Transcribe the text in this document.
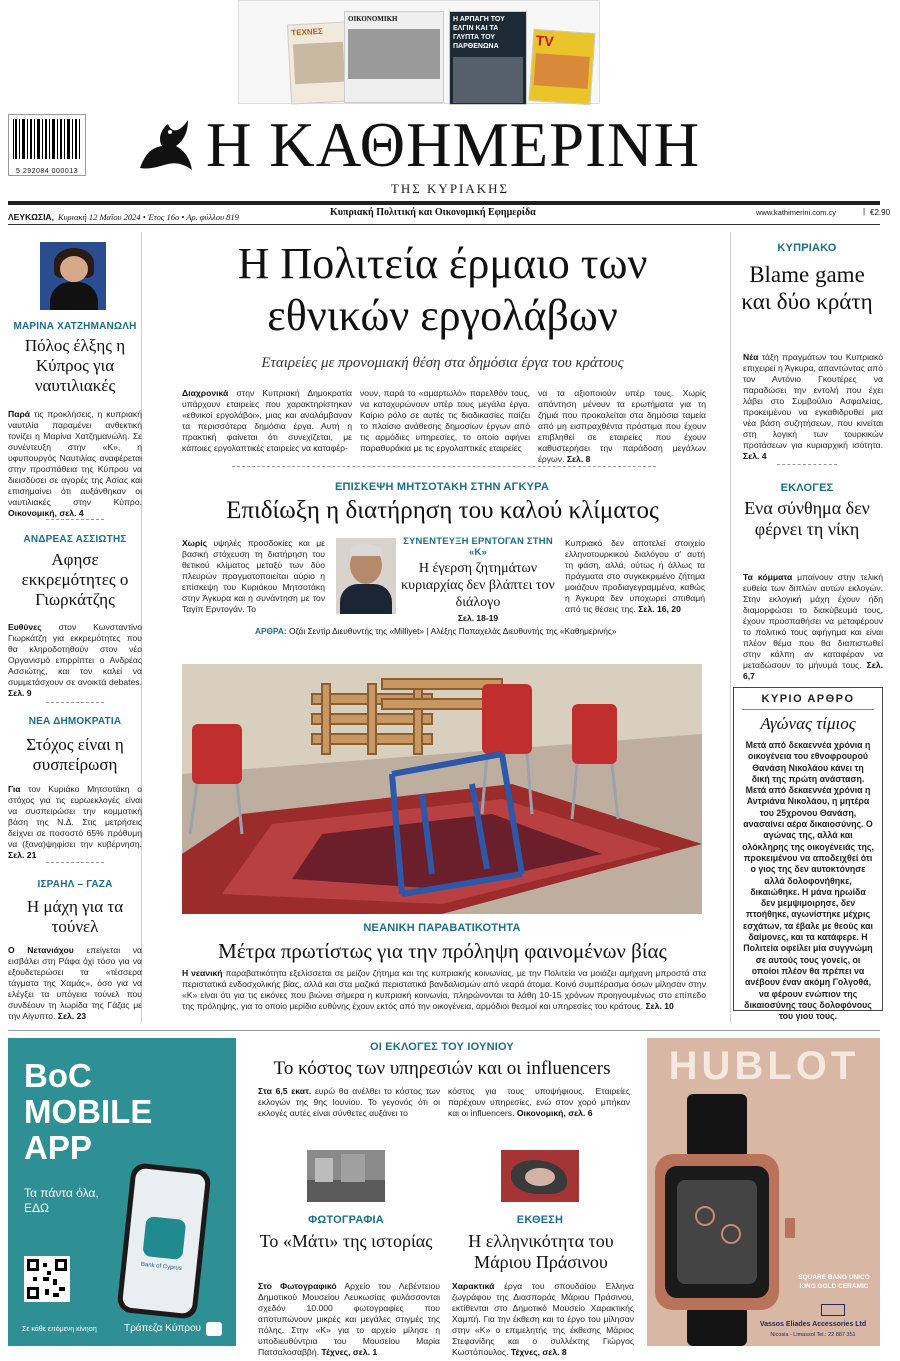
ΤΕΧΝΕΣ
ΟΙΚΟΝΟΜΙΚΗ	Η ΑΡΠΑΓΗ ΤΟΥ ΕΛΓΙΝ ΚΑΙ ΤΑ ΓΛΥΠΤΑ ΤΟΥ ΠΑΡΘΕΝΩΝΑ	TV
5 292084 000013 Η ΚΑΘΗΜΕΡΙΝΗ
ΤΗΣ ΚΥΡΙΑΚΗΣ
ΛΕΥΚΩΣΙΑ, Κυριακή 12 Μαΐου 2024 • Έτος 16ο • Αρ. φύλλου 819	Κυπριακή Πολιτική και Οικονομική Εφημερίδα	www.kathimerini.com.cy	| €2.90
ΜΑΡΙΝΑ ΧΑΤΖΗΜΑΝΩΛΗ
Πόλος έλξης η Κύπρος για ναυτιλιακές
Παρά τις προκλήσεις, η κυπριακή ναυτιλία παραμένει ανθεκτική τονίζει η Μαρίνα Χατζημανώλη. Σε συνέντευξη στην «Κ», η υφυπουργός Ναυτιλίας αναφέρεται στην προσπάθεια της Κύπρου να διεισδύσει σε αγορές της Ασίας και επισημαίνει ότι αυξάνθηκαν οι ναυτιλιακές στην Κύπρο. Οικονομική, σελ. 4
ΑΝΔΡΕΑΣ ΑΣΣΙΩΤΗΣ
Αφησε εκκρεμότητες ο Γιωρκάτζης
Ευθύνες στον Κωνσταντίνο Γιωρκάτζη για εκκρεμότητες που θα κληροδοτηθούν στον νέο Οργανισμό επιρρίπτει ο Ανδρέας Ασσιώτης, και τον καλεί να συμμετάσχουν σε ανοικτά debates. Σελ. 9
ΝΕΑ ΔΗΜΟΚΡΑΤΙΑ
Στόχος είναι η συσπείρωση
Για τον Κυριάκο Μητσοτάκη ο στόχος για τις ευρωεκλογές είναι να συσπειρώσει την κομματική βάση της Ν.Δ. Στις μετρήσεις δείχνει σε ποσοστό 65% πρόθυμη να (ξανα)ψηφίσει την κυβέρνηση. Σελ. 21
ΙΣΡΑΗΛ – ΓΑΖΑ
Η μάχη για τα τούνελ
Ο Νετανιάχου επείγεται να εισβάλει στη Ράφα όχι τόσο για να εξουδετερώσει τα «τέσσερα τάγματα της Χαμάς», όσο για να ελέγξει τα υπόγεια τούνελ που συνδέουν τη λωρίδα της Γάζας με την Αίγυπτο. Σελ. 23
Η Πολιτεία έρμαιο των εθνικών εργολάβων
Εταιρείες με προνομιακή θέση στα δημόσια έργα του κράτους
Διαχρονικά στην Κυπριακή Δημοκρατία υπάρχουν εταιρείες που χαρακτηρίστηκαν «εθνικοί εργολάβοι», μιας και αναλάμβαναν τα περισσότερα δημόσια έργα. Αυτή η πρακτική φαίνεται ότι συνεχίζεται, με κάποιες εργολαπτικές εταιρείες να καταφέρ-
νουν, παρά το «αμαρτωλό» παρελθόν τους, να κατοχυρώνουν υπέρ τους μεγάλα έργα. Καίριο ρόλο σε αυτές τις διαδικασίες παίζει το πλαίσιο ανάθεσης δημοσίων έργων από τις αρμόδιες υπηρεσίες, το οποίο αφήνει παραθυράκια με τις εργολαπτικές εταιρείες
να τα αξιοποιούν υπέρ τους. Χωρίς απάντηση μένουν τα ερωτήματα για τη ζημιά που προκαλείται στα δημόσια ταμεία από μη εισπραχθέντα πρόστιμα που έχουν επιβληθεί σε εταιρείες που έχουν καθυστερήσει την παράδοση μεγάλων έργων. Σελ. 8
ΕΠΙΣΚΕΨΗ ΜΗΤΣΟΤΑΚΗ ΣΤΗΝ ΑΓΚΥΡΑ
Επιδίωξη η διατήρηση του καλού κλίματος
Χωρίς υψηλές προσδοκίες και με βασική στόχευση τη διατήρηση του θετικού κλίματος μεταξύ των δύο πλευρών πραγματοποιείται αύριο η επίσκεψη του Κυριάκου Μητσοτάκη στην Άγκυρα και η συνάντηση με τον Ταγίπ Ερντογάν. Το
ΣΥΝΕΝΤΕΥΞΗ ΕΡΝΤΟΓΑΝ ΣΤΗΝ «Κ»
Η έγερση ζητημάτων κυριαρχίας δεν βλάπτει τον διάλογο
Σελ. 18-19
Κυπριακό δεν αποτελεί στοιχείο ελληνοτουρκικού διαλόγου σ' αυτή τη φάση, αλλά, ούτως ή άλλως τα πράγματα στο συγκεκριμένο ζήτημα μοιάζουν προδιαγεγραμμένα, καθώς η Άγκυρα δεν υποχωρεί σπιθαμή από τις θέσεις της. Σελ. 16, 20
ΑΡΘΡΑ: Οζάι Σεντίρ Διευθυντής της «Milliyet» | Αλέξης Παπαχελάς Διευθυντής της «Καθημερινής»
ΝΕΑΝΙΚΗ ΠΑΡΑΒΑΤΙΚΟΤΗΤΑ
Μέτρα πρωτίστως για την πρόληψη φαινομένων βίας
Η νεανική παραβατικότητα εξελίσσεται σε μείζον ζήτημα και της κυπριακής κοινωνίας, με την Πολιτεία να μοιάζει αμήχανη μπροστά στα περιστατικά ενδοσχολικής βίας, αλλά και στα μαζικά περιστατικά βανδαλισμών από νεαρά άτομα. Κοινό συμπέρασμα όσων μίλησαν στην «Κ» είναι ότι για τις εικόνες που βιώνει σήμερα η κυπριακή κοινωνία, πληρώνονται τα λάθη 10-15 χρόνων προηγουμένως στο επίπεδο της πρόληψης, για το οποίο μερίδιο ευθύνης έχουν εκτός από την οικογένεια, αρμόδιοι θεσμοί και υπηρεσίες του κράτους. Σελ. 10
ΚΥΠΡΙΑΚΟ
Blame game και δύο κράτη
Νέα τάξη πραγμάτων του Κυπριακό επιχειρεί η Άγκυρα, απαντώντας από τον Αντόνιο Γκουτέρες να παραδώσει την εντολή που έχει λάβει στο Συμβούλιο Ασφαλείας, προκειμένου να εγκαθιδρυθεί μια νέα βάση συζητήσεων, που κινείται στη λογική των τουρκικών προτάσεων για κυριαρχική ισότητα. Σελ. 4
ΕΚΛΟΓΕΣ
Ενα σύνθημα δεν φέρνει τη νίκη
Τα κόμματα μπαίνουν στην τελική ευθεία των διπλών αυτών εκλογών. Στην εκλογική μάχη έχουν ήδη διαμορφώσει το διακύβευμά τους, έχουν προσπαθήσει να μεταφέρουν το πολιτικό τους αφήγημα και είναι πλέον θέμα που θα διαπιστωθεί στην κάλπη αν καταφέραν να μεταδώσουν το μήνυμά τους. Σελ. 6,7
ΚΥΡΙΟ ΑΡΘΡΟ
Αγώνας τίμιος
Μετά από δεκαεννέα χρόνια η οικογένεια του εθνοφρουρού Θανάση Νικολάου κάνει τη δική της πρώτη ανάσταση. Μετά από δεκαεννέα χρόνια η Αντριάνα Νικολάου, η μητέρα του 25χρονου Θανάση, ανασαίνει αέρα δικαιοσύνης. Ο αγώνας της, αλλά και ολόκληρης της οικογένειάς της, προκειμένου να αποδειχθεί ότι ο γιος της δεν αυτοκτόνησε αλλά δολοφονήθηκε, δικαιώθηκε. Η μάνα ηρωίδα δεν μεμψιμοιρησε, δεν πτοήθηκε, αγωνίστηκε μέχρις εσχάτων, τα έβαλε με θεούς και δαίμονες, και τα κατάφερε. Η Πολιτεία οφείλει μία συγγνώμη σε αυτούς τους γονείς, οι οποίοι πλέον θα πρέπει να ανέβουν έναν ακόμη Γολγοθά, να φέρουν ενώπιον της δικαιοσύνης τους δολοφόνους του γιου τους.
BoC
MOBILE
APP
Τα πάντα όλα,
ΕΔΩ
Bank of Cyprus
Σε κάθε επόμενη κίνηση	Τράπεζα Κύπρου
ΟΙ ΕΚΛΟΓΕΣ ΤΟΥ ΙΟΥΝΙΟΥ
Το κόστος των υπηρεσιών και οι influencers
Στα 6,5 εκατ. ευρώ θα ανέλθει το κόστος των εκλογών της 9ης Ιουνίου. Το γεγονός ότι οι εκλογές αυτές είναι σύνθετες αυξάνει το
κόστος για τους υποψήφιους. Εταιρείες παρέχουν υπηρεσίες, ενώ στον χορό μπήκαν και οι influencers. Οικονομική, σελ. 6
ΦΩΤΟΓΡΑΦΙΑ
Το «Μάτι» της ιστορίας
Στο Φωτογραφικό Αρχείο του Λεβέντειου Δημοτικού Μουσείου Λευκωσίας φυλάσσονται σχεδόν 10.000 φωτογραφίες που αποτυπώνουν μικρές και μεγάλες στιγμές της πόλης. Στην «Κ» για το αρχείο μίλησε η υποδιευθύντρια του Μουσείου Μαρία Πατσαλοσαββή. Τέχνες, σελ. 1
ΕΚΘΕΣΗ
Η ελληνικότητα του Μάριου Πράσινου
Χαρακτικά έργα του σπουδαίου Ελληνα ζωγράφου της Διασποράς Μάριου Πράσινου, εκτίθενται στο Δημοτικό Μουσείο Χαρακτικής Χαμπή. Για την έκθεση και το έργο του μίλησαν στην «Κ» ο επιμελητής της έκθεσης Μάριος Στεφανίδης και ο συλλέκτης Γιώργος Κωστόπουλος. Τέχνες, σελ. 8
HUBLOT
SQUARE BANG UNICO
KING GOLD CERAMIC
Vassos Eliades Accessories Ltd
Nicosia - Limassol Tel.: 22 887 351
